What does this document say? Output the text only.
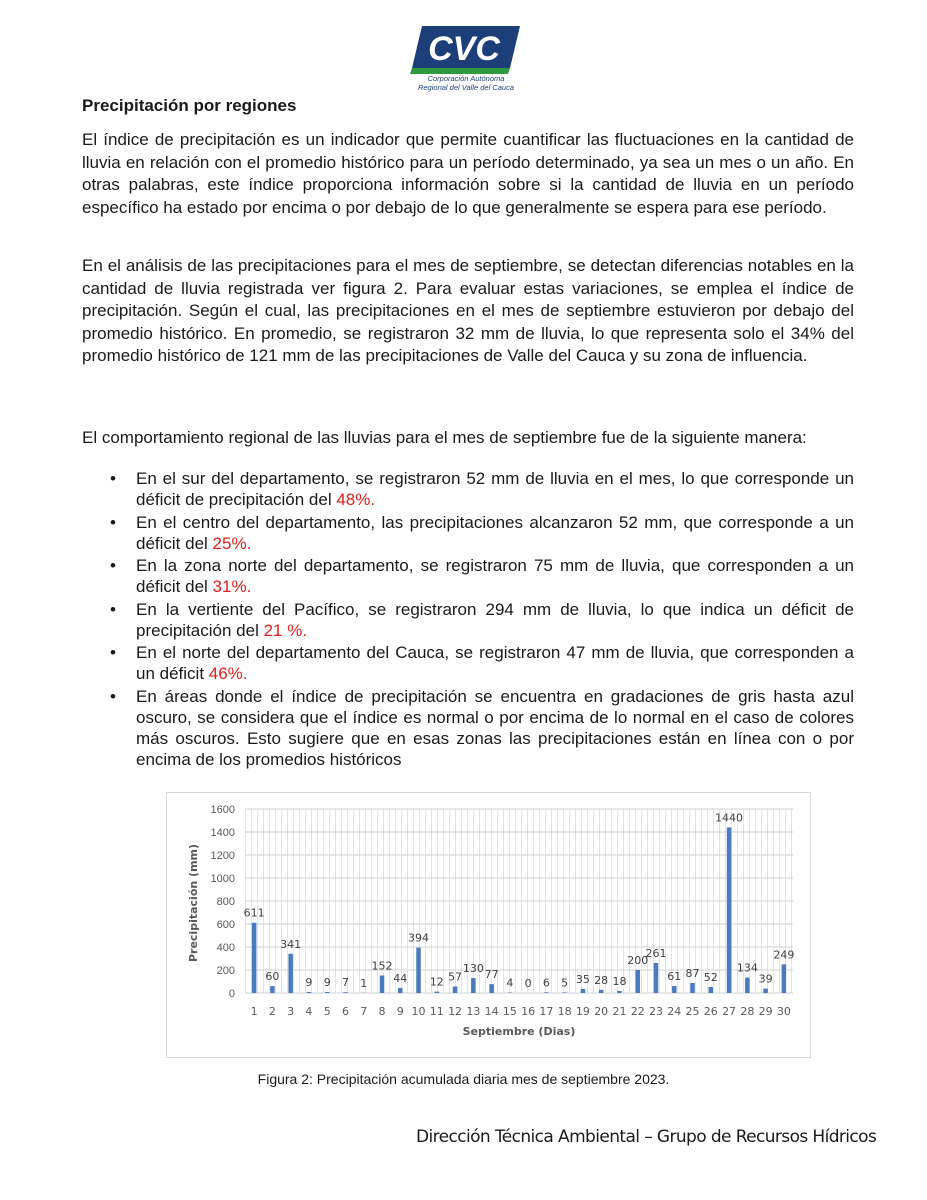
CVC
Corporación Autónoma
Regional del Valle del Cauca
Precipitación por regiones

El índice de precipitación es un indicador que permite cuantificar las fluctuaciones en la cantidad de lluvia en relación con el promedio histórico para un período determinado, ya sea un mes o un año. En otras palabras, este índice proporciona información sobre si la cantidad de lluvia en un período específico ha estado por encima o por debajo de lo que generalmente se espera para ese período.

En el análisis de las precipitaciones para el mes de septiembre, se detectan diferencias notables en la cantidad de lluvia registrada ver figura 2. Para evaluar estas variaciones, se emplea el índice de precipitación. Según el cual, las precipitaciones en el mes de septiembre estuvieron por debajo del promedio histórico. En promedio, se registraron 32 mm de lluvia, lo que representa solo el 34% del promedio histórico de 121 mm de las precipitaciones de Valle del Cauca y su zona de influencia.

El comportamiento regional de las lluvias para el mes de septiembre fue de la siguiente manera:

• En el sur del departamento, se registraron 52 mm de lluvia en el mes, lo que corresponde un déficit de precipitación del 48%.
• En el centro del departamento, las precipitaciones alcanzaron 52 mm, que corresponde a un déficit del 25%.
• En la zona norte del departamento, se registraron 75 mm de lluvia, que corresponden a un déficit del 31%.
• En la vertiente del Pacífico, se registraron 294 mm de lluvia, lo que indica un déficit de precipitación del 21 %.
• En el norte del departamento del Cauca, se registraron 47 mm de lluvia, que corresponden a un déficit 46%.
• En áreas donde el índice de precipitación se encuentra en gradaciones de gris hasta azul oscuro, se considera que el índice es normal o por encima de lo normal en el caso de colores más oscuros. Esto sugiere que en esas zonas las precipitaciones están en línea con o por encima de los promedios históricos
0
200
400
600
800
1000
1200
1400
1600
611
1
60
2
341
3
9
4
9
5
7
6
1
7
152
8
44
9
394
10
12
11
57
12
130
13
77
14
4
15
0
16
6
17
5
18
35
19
28
20
18
21
200
22
261
23
61
24
87
25
52
26
1440
27
134
28
39
29
249
30
Septiembre (Dias)
Precipitación (mm)
Figura 2: Precipitación acumulada diaria mes de septiembre 2023.
Dirección Técnica Ambiental – Grupo de Recursos Hídricos
